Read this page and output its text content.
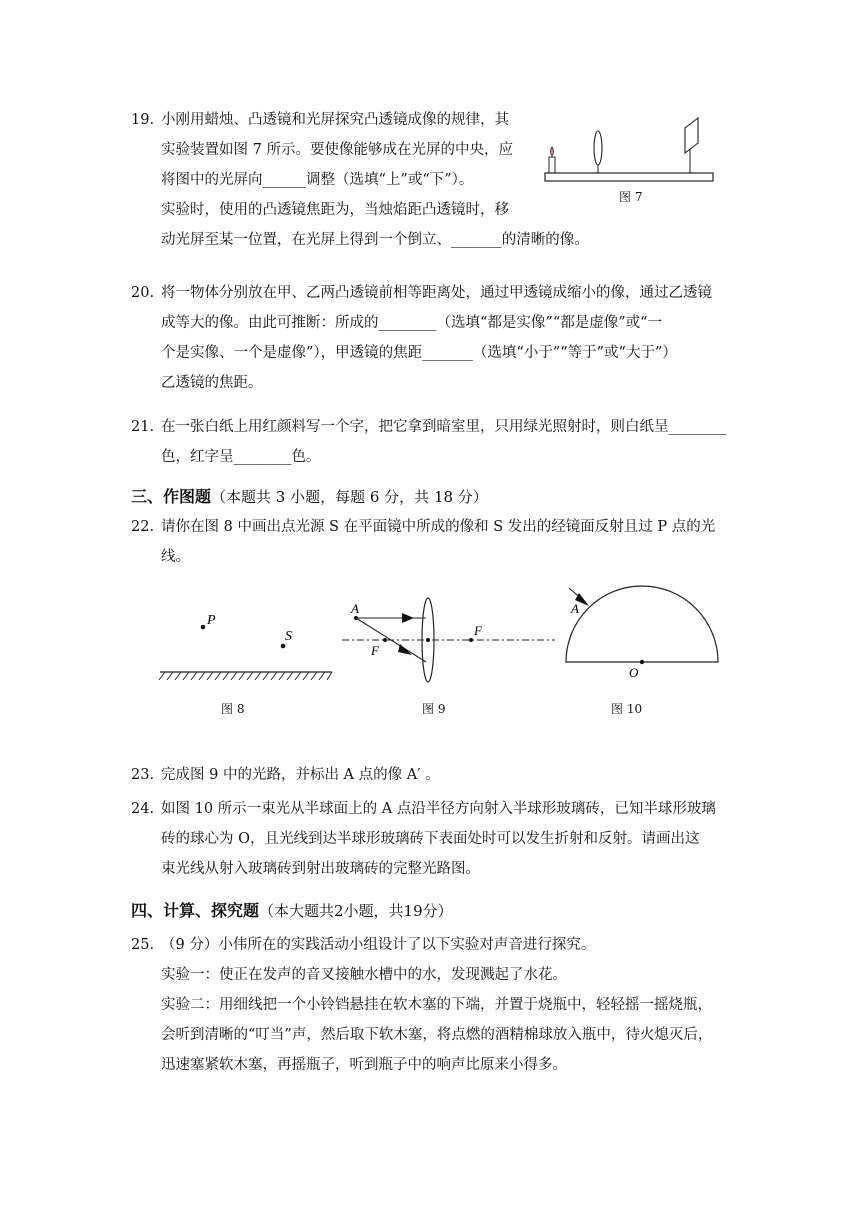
19. 小刚用蜡烛、凸透镜和光屏探究凸透镜成像的规律，其
实验装置如图 7 所示。要使像能够成在光屏的中央，应
将图中的光屏向______调整（选填“上”或“下”）。
实验时，使用的凸透镜焦距为，当烛焰距凸透镜时，移
动光屏至某一位置，在光屏上得到一个倒立、_______的清晰的像。
图 7
20. 将一物体分别放在甲、乙两凸透镜前相等距离处，通过甲透镜成缩小的像，通过乙透镜
成等大的像。由此可推断：所成的________（选填“都是实像”“都是虚像”或“一
个是实像、一个是虚像”），甲透镜的焦距_______（选填“小于”“等于”或“大于”）
乙透镜的焦距。
21. 在一张白纸上用红颜料写一个字，把它拿到暗室里，只用绿光照射时，则白纸呈________
色，红字呈________色。
三、作图题（本题共 3 小题，每题 6 分，共 18 分）
22. 请你在图 8 中画出点光源 S 在平面镜中所成的像和 S 发出的经镜面反射且过 P 点的光
线。
P
S
图 8
A
F
F
图 9
A
O
图 10
23. 完成图 9 中的光路，并标出 A 点的像 A′ 。
24. 如图 10 所示一束光从半球面上的 A 点沿半径方向射入半球形玻璃砖，已知半球形玻璃
砖的球心为 O，且光线到达半球形玻璃砖下表面处时可以发生折射和反射。请画出这
束光线从射入玻璃砖到射出玻璃砖的完整光路图。
四、计算、探究题（本大题共2小题，共19分）
25. （9 分）小伟所在的实践活动小组设计了以下实验对声音进行探究。
实验一：使正在发声的音叉接触水槽中的水，发现溅起了水花。
实验二：用细线把一个小铃铛悬挂在软木塞的下端，并置于烧瓶中，轻轻摇一摇烧瓶，
会听到清晰的“叮当”声，然后取下软木塞，将点燃的酒精棉球放入瓶中，待火熄灭后，
迅速塞紧软木塞，再摇瓶子，听到瓶子中的响声比原来小得多。
